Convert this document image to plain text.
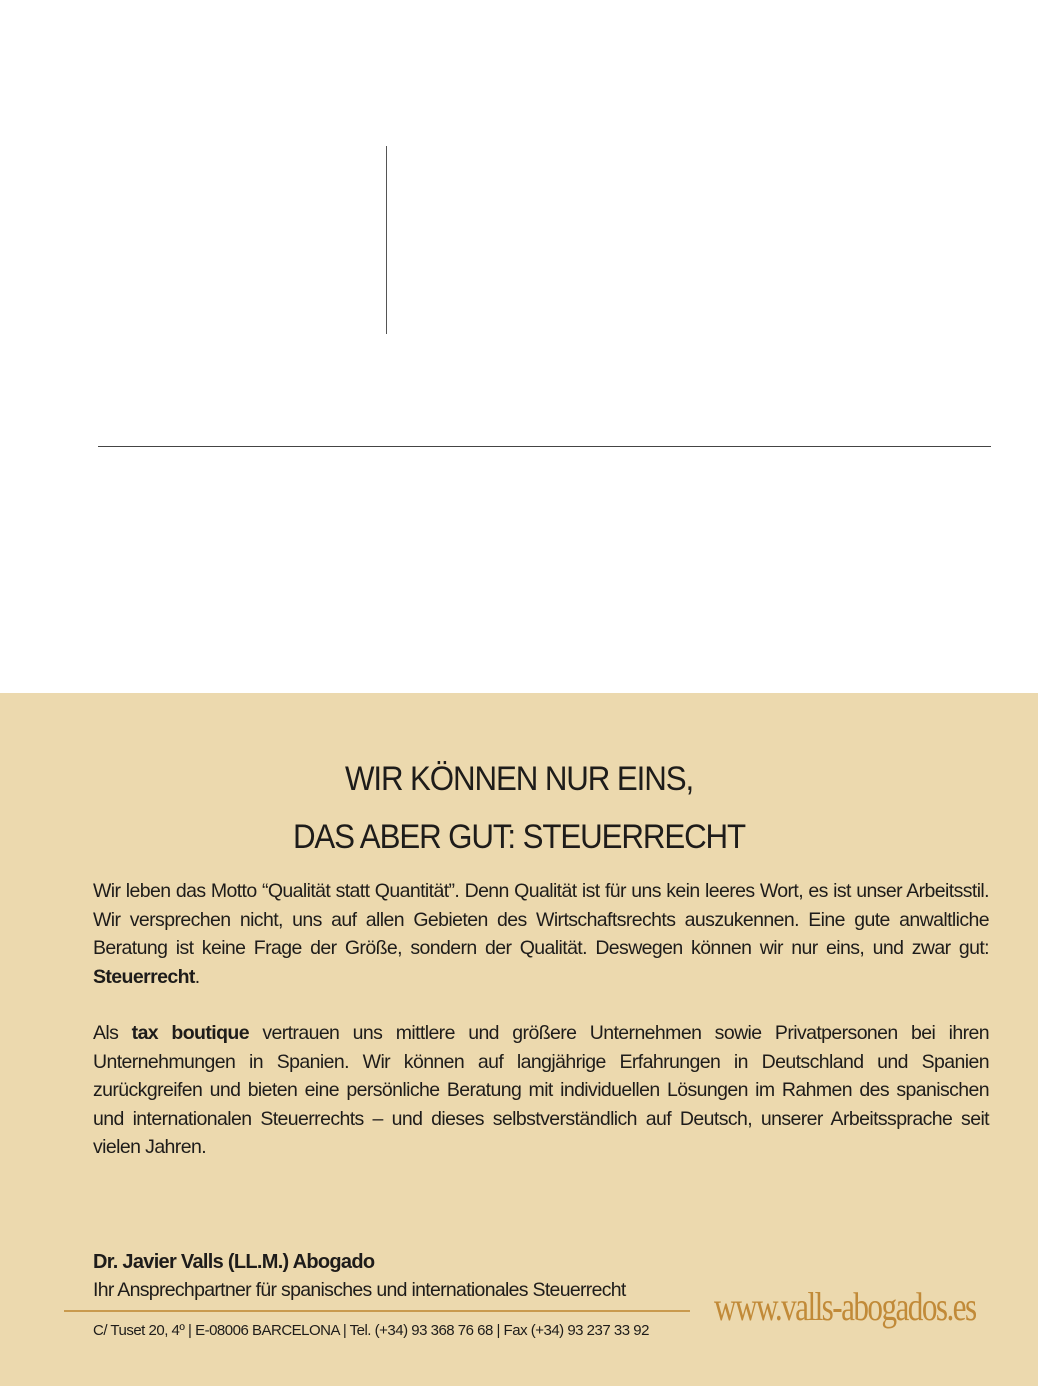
WIR KÖNNEN NUR EINS,
DAS ABER GUT: STEUERRECHT

Wir leben das Motto “Qualität statt Quantität”. Denn Qualität ist für uns kein leeres Wort, es ist unser Arbeitsstil. Wir versprechen nicht, uns auf allen Gebieten des Wirtschaftsrechts auszukennen. Eine gute anwaltliche Beratung ist keine Frage der Größe, sondern der Qualität. Deswegen können wir nur eins, und zwar gut: Steuerrecht.

Als tax boutique vertrauen uns mittlere und größere Unternehmen sowie Privatpersonen bei ihren Unternehmungen in Spanien. Wir können auf langjährige Erfahrungen in Deutschland und Spanien zurückgreifen und bieten eine persönliche Beratung mit individuellen Lösungen im Rahmen des spanischen und internationalen Steuerrechts – und dieses selbstverständlich auf Deutsch, unserer Arbeitssprache seit vielen Jahren.

Dr. Javier Valls (LL.M.) Abogado
Ihr Ansprechpartner für spanisches und internationales Steuerrecht
C/ Tuset 20, 4º | E-08006 BARCELONA | Tel. (+34) 93 368 76 68 | Fax (+34) 93 237 33 92
www.valls-abogados.es
